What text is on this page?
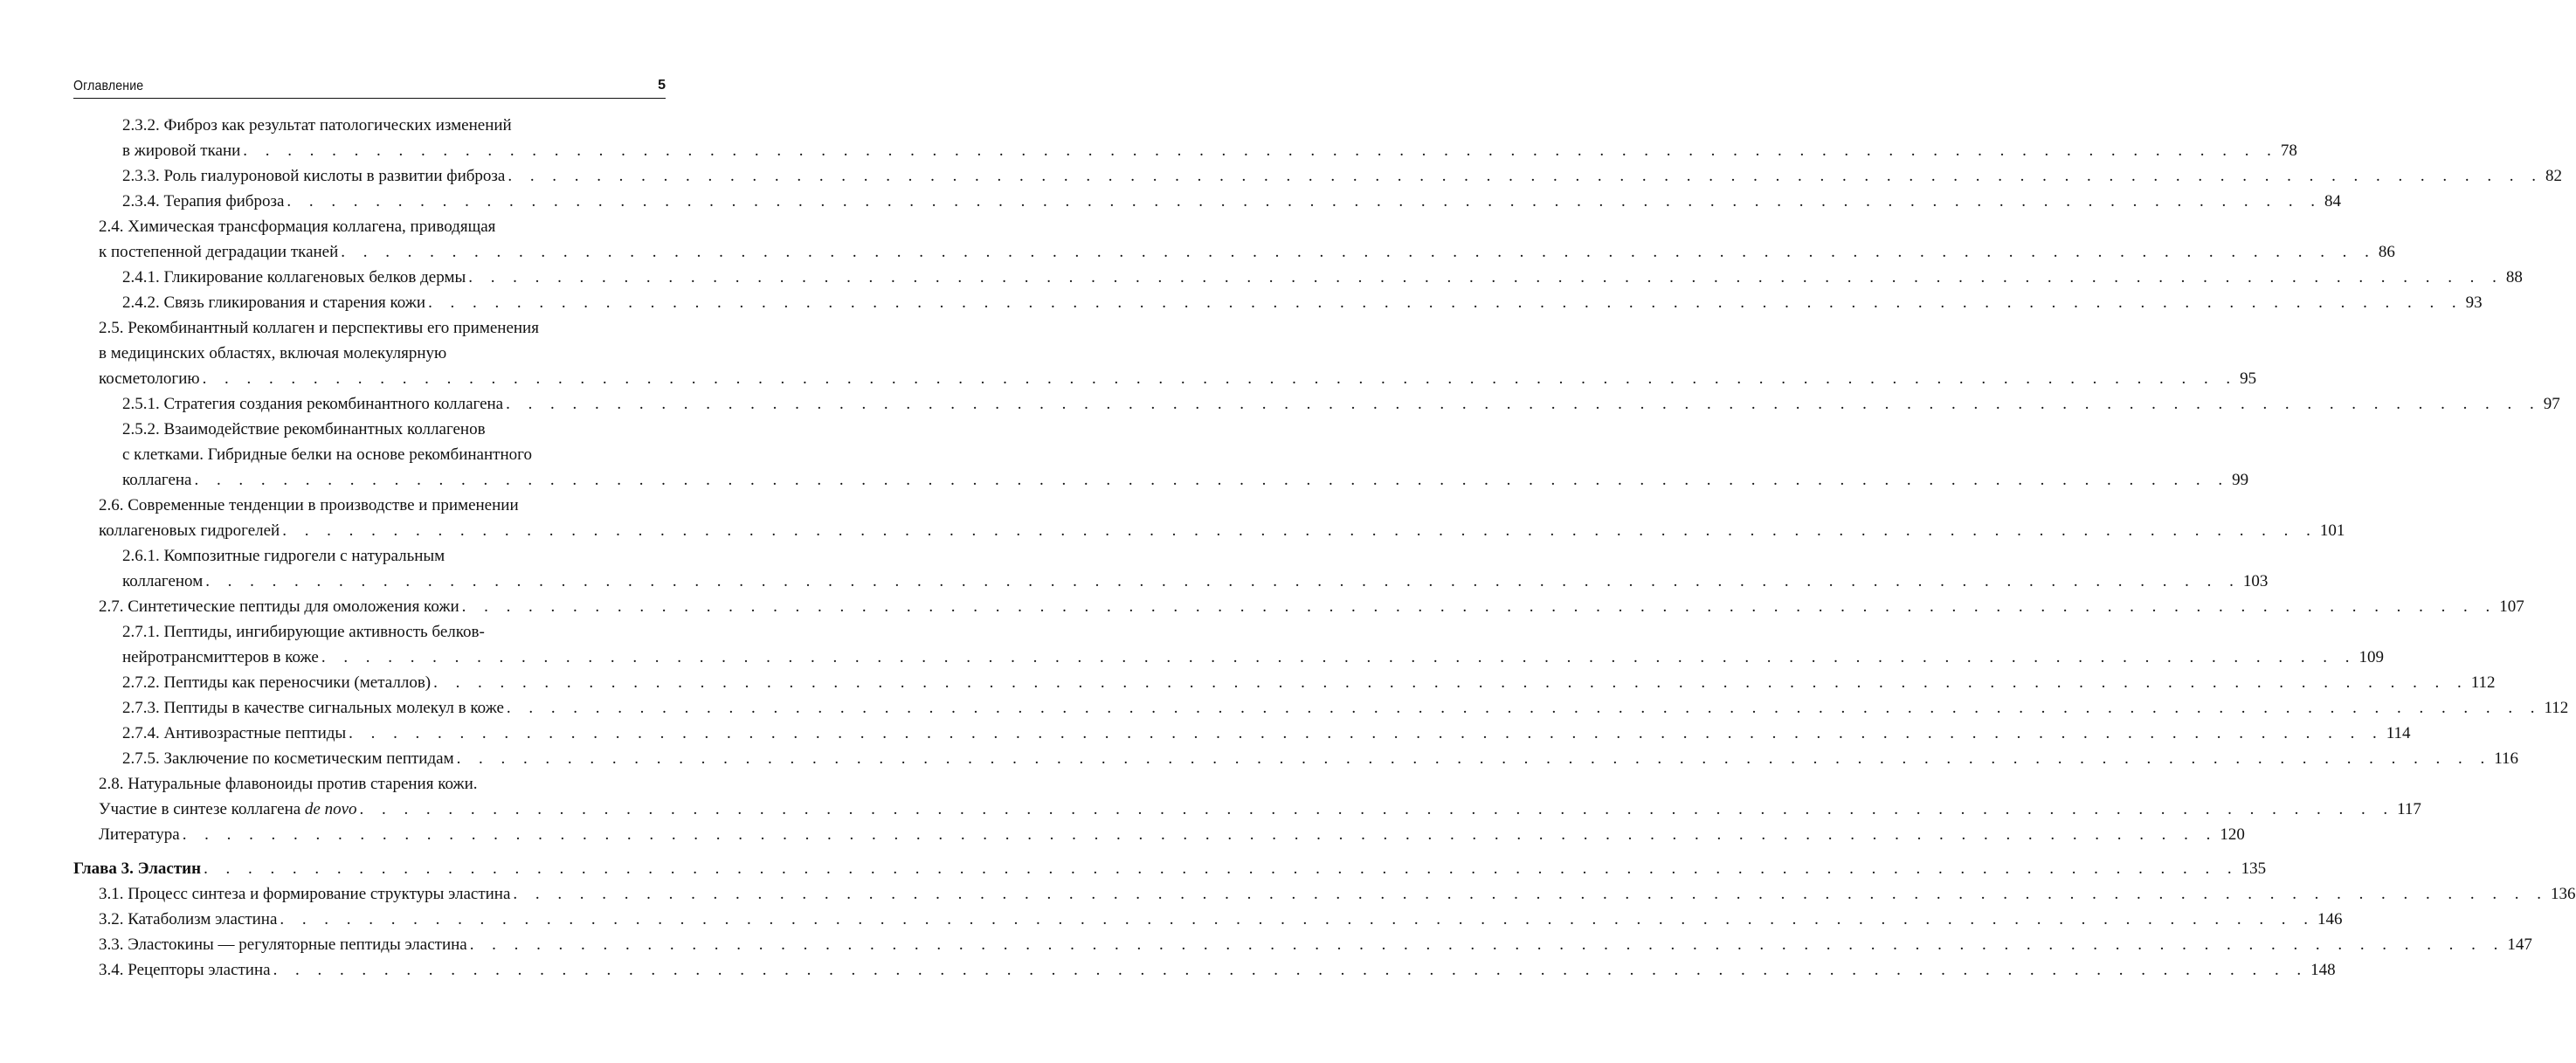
Оглавление	5
2.3.2. Фиброз как результат патологических изменений
в жировой ткани . . . . . . . . . . . . . . . . . . . . . . . . . . . . . . . . . . . . . . . . . . . . . . . . . . . . . . . . . . . . . . . . . . . . . . . . . . . . . . . . . . . . . . . . . . . . 78
2.3.3. Роль гиалуроновой кислоты в развитии фиброза . . . . . . . . . . . . . . . . . . . . . . . . . . . . . . . . . . . . . . . . . . . . . . . . . . . . . . . . . . . . . . . . . . . . . . . . . . . . . . . . . . . . . . . . . . . . 82
2.3.4. Терапия фиброза . . . . . . . . . . . . . . . . . . . . . . . . . . . . . . . . . . . . . . . . . . . . . . . . . . . . . . . . . . . . . . . . . . . . . . . . . . . . . . . . . . . . . . . . . . . . 84
2.4. Химическая трансформация коллагена, приводящая
к постепенной деградации тканей . . . . . . . . . . . . . . . . . . . . . . . . . . . . . . . . . . . . . . . . . . . . . . . . . . . . . . . . . . . . . . . . . . . . . . . . . . . . . . . . . . . . . . . . . . . . 86
2.4.1. Гликирование коллагеновых белков дермы . . . . . . . . . . . . . . . . . . . . . . . . . . . . . . . . . . . . . . . . . . . . . . . . . . . . . . . . . . . . . . . . . . . . . . . . . . . . . . . . . . . . . . . . . . . . 88
2.4.2. Связь гликирования и старения кожи . . . . . . . . . . . . . . . . . . . . . . . . . . . . . . . . . . . . . . . . . . . . . . . . . . . . . . . . . . . . . . . . . . . . . . . . . . . . . . . . . . . . . . . . . . . . 93
2.5. Рекомбинантный коллаген и перспективы его применения
в медицинских областях, включая молекулярную
косметологию . . . . . . . . . . . . . . . . . . . . . . . . . . . . . . . . . . . . . . . . . . . . . . . . . . . . . . . . . . . . . . . . . . . . . . . . . . . . . . . . . . . . . . . . . . . . 95
2.5.1. Стратегия создания рекомбинантного коллагена . . . . . . . . . . . . . . . . . . . . . . . . . . . . . . . . . . . . . . . . . . . . . . . . . . . . . . . . . . . . . . . . . . . . . . . . . . . . . . . . . . . . . . . . . . . . 97
2.5.2. Взаимодействие рекомбинантных коллагенов
с клетками. Гибридные белки на основе рекомбинантного
коллагена . . . . . . . . . . . . . . . . . . . . . . . . . . . . . . . . . . . . . . . . . . . . . . . . . . . . . . . . . . . . . . . . . . . . . . . . . . . . . . . . . . . . . . . . . . . . 99
2.6. Современные тенденции в производстве и применении
коллагеновых гидрогелей . . . . . . . . . . . . . . . . . . . . . . . . . . . . . . . . . . . . . . . . . . . . . . . . . . . . . . . . . . . . . . . . . . . . . . . . . . . . . . . . . . . . . . . . . . . . 101
2.6.1. Композитные гидрогели с натуральным
коллагеном . . . . . . . . . . . . . . . . . . . . . . . . . . . . . . . . . . . . . . . . . . . . . . . . . . . . . . . . . . . . . . . . . . . . . . . . . . . . . . . . . . . . . . . . . . . . 103
2.7. Синтетические пептиды для омоложения кожи . . . . . . . . . . . . . . . . . . . . . . . . . . . . . . . . . . . . . . . . . . . . . . . . . . . . . . . . . . . . . . . . . . . . . . . . . . . . . . . . . . . . . . . . . . . . 107
2.7.1. Пептиды, ингибирующие активность белков-
нейротрансмиттеров в коже . . . . . . . . . . . . . . . . . . . . . . . . . . . . . . . . . . . . . . . . . . . . . . . . . . . . . . . . . . . . . . . . . . . . . . . . . . . . . . . . . . . . . . . . . . . . 109
2.7.2. Пептиды как переносчики (металлов) . . . . . . . . . . . . . . . . . . . . . . . . . . . . . . . . . . . . . . . . . . . . . . . . . . . . . . . . . . . . . . . . . . . . . . . . . . . . . . . . . . . . . . . . . . . . 112
2.7.3. Пептиды в качестве сигнальных молекул в коже . . . . . . . . . . . . . . . . . . . . . . . . . . . . . . . . . . . . . . . . . . . . . . . . . . . . . . . . . . . . . . . . . . . . . . . . . . . . . . . . . . . . . . . . . . . . 112
2.7.4. Антивозрастные пептиды . . . . . . . . . . . . . . . . . . . . . . . . . . . . . . . . . . . . . . . . . . . . . . . . . . . . . . . . . . . . . . . . . . . . . . . . . . . . . . . . . . . . . . . . . . . . 114
2.7.5. Заключение по косметическим пептидам . . . . . . . . . . . . . . . . . . . . . . . . . . . . . . . . . . . . . . . . . . . . . . . . . . . . . . . . . . . . . . . . . . . . . . . . . . . . . . . . . . . . . . . . . . . . 116
2.8. Натуральные флавоноиды против старения кожи.
Участие в синтезе коллагена de novo . . . . . . . . . . . . . . . . . . . . . . . . . . . . . . . . . . . . . . . . . . . . . . . . . . . . . . . . . . . . . . . . . . . . . . . . . . . . . . . . . . . . . . . . . . . . 117
Литература . . . . . . . . . . . . . . . . . . . . . . . . . . . . . . . . . . . . . . . . . . . . . . . . . . . . . . . . . . . . . . . . . . . . . . . . . . . . . . . . . . . . . . . . . . . . 120
Глава 3. Эластин . . . . . . . . . . . . . . . . . . . . . . . . . . . . . . . . . . . . . . . . . . . . . . . . . . . . . . . . . . . . . . . . . . . . . . . . . . . . . . . . . . . . . . . . . . . . 135
3.1. Процесс синтеза и формирование структуры эластина . . . . . . . . . . . . . . . . . . . . . . . . . . . . . . . . . . . . . . . . . . . . . . . . . . . . . . . . . . . . . . . . . . . . . . . . . . . . . . . . . . . . . . . . . . . . 136
3.2. Катаболизм эластина . . . . . . . . . . . . . . . . . . . . . . . . . . . . . . . . . . . . . . . . . . . . . . . . . . . . . . . . . . . . . . . . . . . . . . . . . . . . . . . . . . . . . . . . . . . . 146
3.3. Эластокины — регуляторные пептиды эластина . . . . . . . . . . . . . . . . . . . . . . . . . . . . . . . . . . . . . . . . . . . . . . . . . . . . . . . . . . . . . . . . . . . . . . . . . . . . . . . . . . . . . . . . . . . . 147
3.4. Рецепторы эластина . . . . . . . . . . . . . . . . . . . . . . . . . . . . . . . . . . . . . . . . . . . . . . . . . . . . . . . . . . . . . . . . . . . . . . . . . . . . . . . . . . . . . . . . . . . . 148
